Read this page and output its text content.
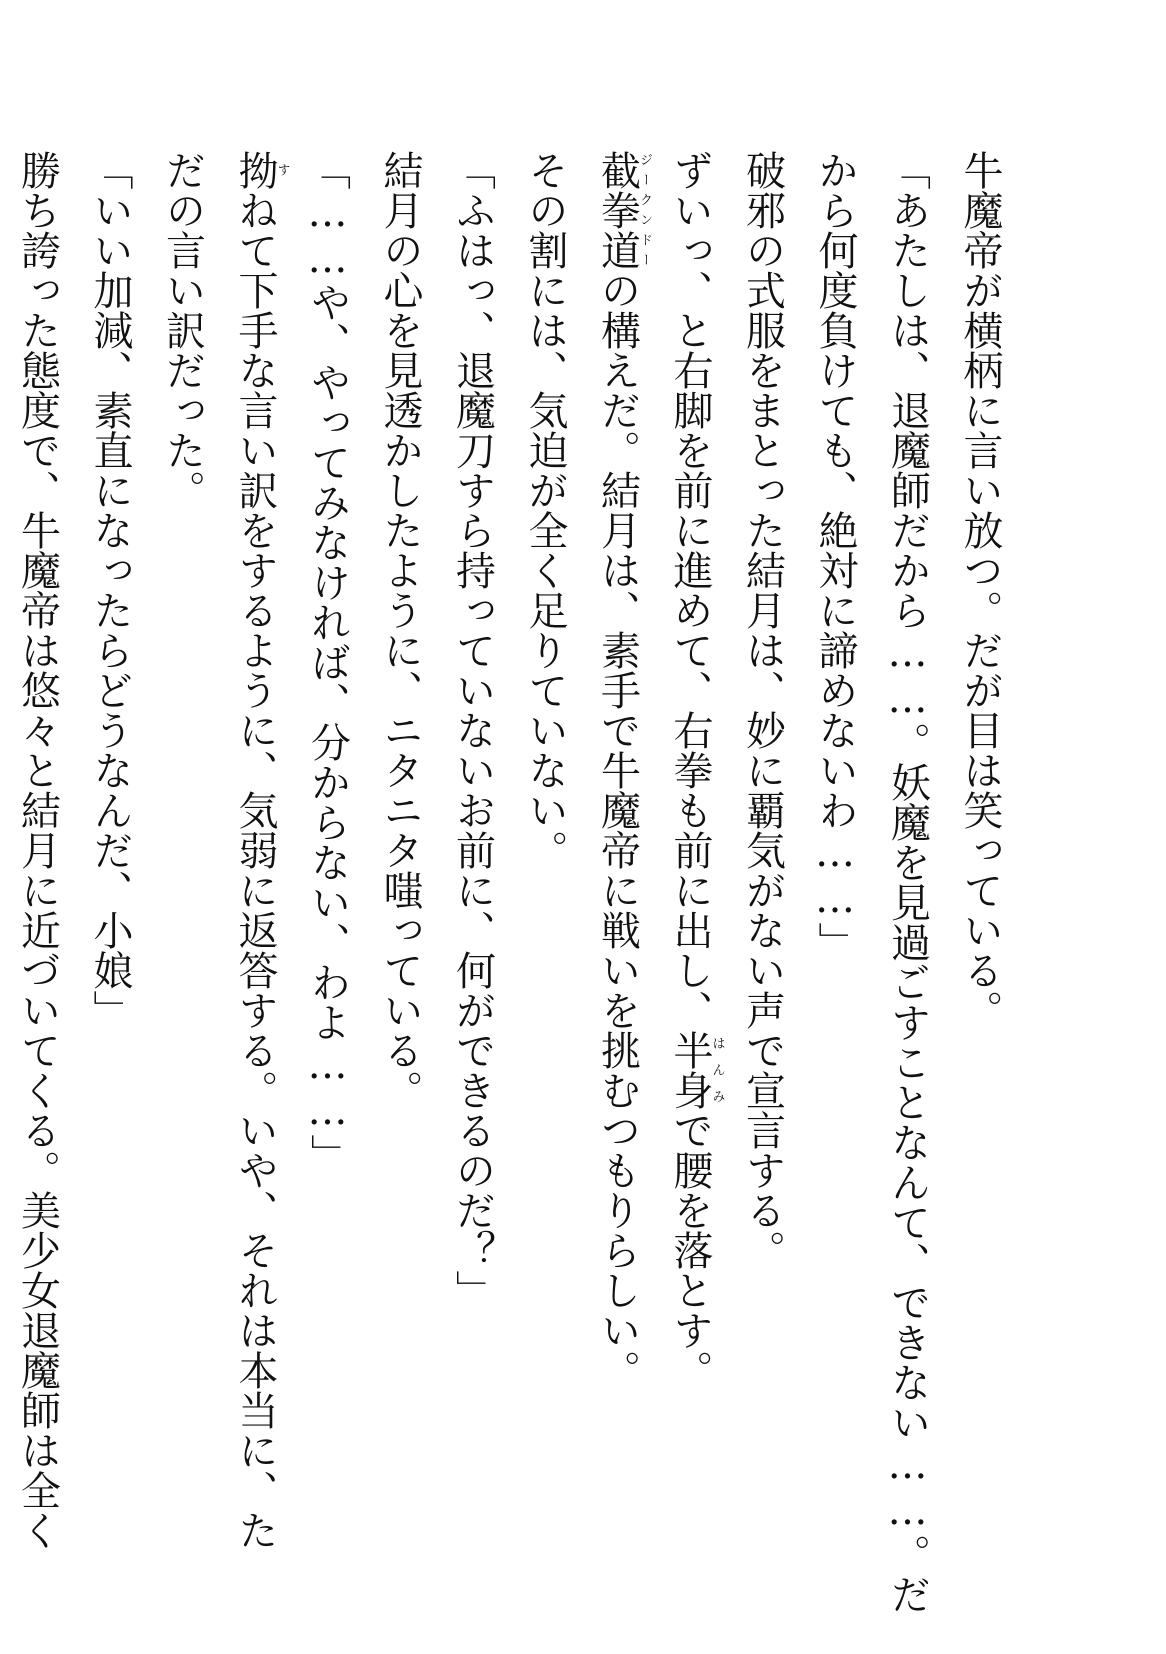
牛魔帝が横柄に言い放つ。だが目は笑っている。
「あたしは、退魔師だから……。妖魔を見過ごすことなんて、できない……。だ
から何度負けても、絶対に諦めないわ……」
破邪の式服をまとった結月は、妙に覇気がない声で宣言する。
ずいっ、と右脚を前に進めて、右拳も前に出し、半身はんみで腰を落とす。
截拳道ジークンドーの構えだ。結月は、素手で牛魔帝に戦いを挑むつもりらしい。
その割には、気迫が全く足りていない。
「ふはっ、退魔刀すら持っていないお前に、何ができるのだ？」
結月の心を見透かしたように、ニタニタ嗤っている。
「……や、やってみなければ、分からない、わよ……」
拗すねて下手な言い訳をするように、気弱に返答する。いや、それは本当に、た
だの言い訳だった。
「いい加減、素直になったらどうなんだ、小娘」
勝ち誇った態度で、牛魔帝は悠々と結月に近づいてくる。美少女退魔師は全く
